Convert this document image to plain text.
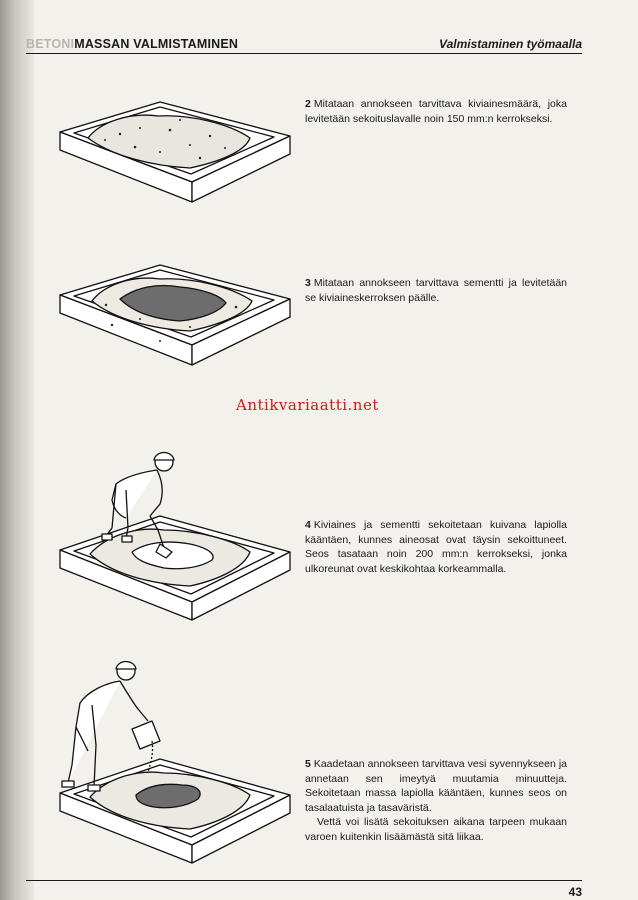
BETONIMASSAN VALMISTAMINEN	Valmistaminen työmaalla

2 Mitataan annokseen tarvittava kiviainesmäärä, joka levitetään sekoituslavalle noin 150 mm:n kerrokseksi.

3 Mitataan annokseen tarvittava sementti ja levitetään se kiviaineskerroksen päälle.

Antikvariaatti.net

4 Kiviaines ja sementti sekoitetaan kuivana lapiolla kääntäen, kunnes aineosat ovat täysin sekoittuneet. Seos tasataan noin 200 mm:n kerrokseksi, jonka ulkoreunat ovat keskikohtaa korkeammalla.

5 Kaadetaan annokseen tarvittava vesi syvennykseen ja annetaan sen imeytyä muutamia minuutteja. Sekoitetaan massa lapiolla kääntäen, kunnes seos on tasalaatuista ja tasaväristä.

Vettä voi lisätä sekoituksen aikana tarpeen mukaan varoen kuitenkin lisäämästä sitä liikaa.

43
